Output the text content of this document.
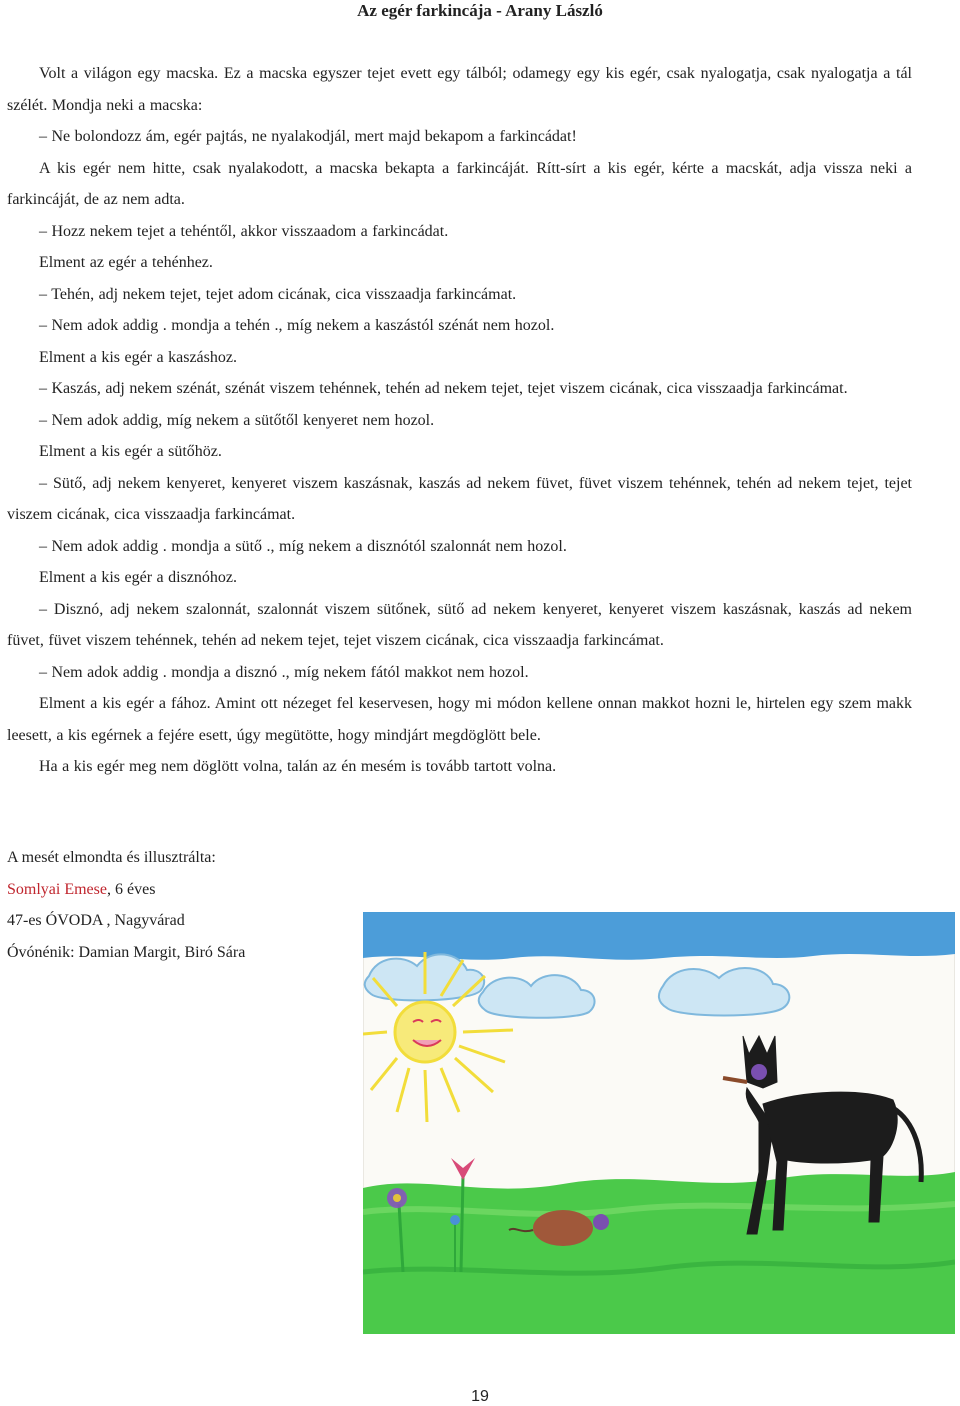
Az egér farkincája - Arany László

Volt a világon egy macska. Ez a macska egyszer tejet evett egy tálból; odamegy egy kis egér, csak nyalogatja, csak nyalogatja a tál szélét. Mondja neki a macska:

– Ne bolondozz ám, egér pajtás, ne nyalakodjál, mert majd bekapom a farkincádat!

A kis egér nem hitte, csak nyalakodott, a macska bekapta a farkincáját. Rítt-sírt a kis egér, kérte a macskát, adja vissza neki a farkincáját, de az nem adta.

– Hozz nekem tejet a tehéntől, akkor visszaadom a farkincádat.

Elment az egér a tehénhez.

– Tehén, adj nekem tejet, tejet adom cicának, cica visszaadja farkincámat.

– Nem adok addig . mondja a tehén ., míg nekem a kaszástól szénát nem hozol.

Elment a kis egér a kaszáshoz.

– Kaszás, adj nekem szénát, szénát viszem tehénnek, tehén ad nekem tejet, tejet viszem cicának, cica visszaadja farkincámat.

– Nem adok addig, míg nekem a sütőtől kenyeret nem hozol.

Elment a kis egér a sütőhöz.

– Sütő, adj nekem kenyeret, kenyeret viszem kaszásnak, kaszás ad nekem füvet, füvet viszem tehénnek, tehén ad nekem tejet, tejet viszem cicának, cica visszaadja farkincámat.

– Nem adok addig . mondja a sütő ., míg nekem a disznótól szalonnát nem hozol.

Elment a kis egér a disznóhoz.

– Disznó, adj nekem szalonnát, szalonnát viszem sütőnek, sütő ad nekem kenyeret, kenyeret viszem kaszásnak, kaszás ad nekem füvet, füvet viszem tehénnek, tehén ad nekem tejet, tejet viszem cicának, cica visszaadja farkincámat.

– Nem adok addig . mondja a disznó ., míg nekem fától makkot nem hozol.

Elment a kis egér a fához. Amint ott nézeget fel keservesen, hogy mi módon kellene onnan makkot hozni le, hirtelen egy szem makk leesett, a kis egérnek a fejére esett, úgy megütötte, hogy mindjárt megdöglött bele.

Ha a kis egér meg nem döglött volna, talán az én mesém is tovább tartott volna.

A mesét elmondta és illusztrálta:
Somlyai Emese, 6 éves
47-es ÓVODA , Nagyvárad
Óvónénik: Damian Margit, Biró Sára
19
